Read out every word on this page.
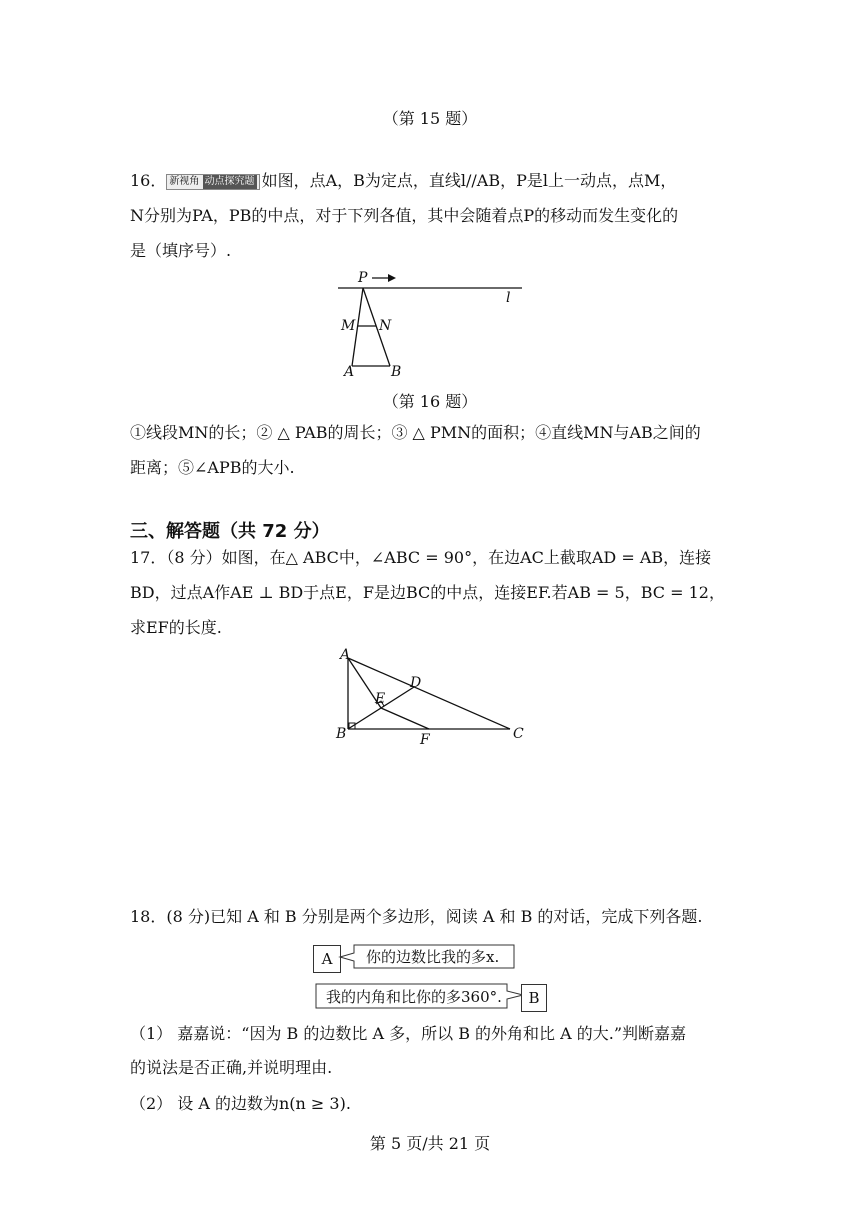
（第 15 题）
16． 新视角 动点探究题 如图，点A，B为定点，直线l//AB，P是l上一动点，点M，
N分别为PA，PB的中点，对于下列各值，其中会随着点P的移动而发生变化的
是（填序号）.
P
l
M N
A	B
（第 16 题）
①线段MN的长；② △ PAB的周长；③ △ PMN的面积；④直线MN与AB之间的
距离；⑤∠APB的大小.
三、解答题（共 72 分）
17．（8 分）如图，在△ ABC中，∠ABC = 90°，在边AC上截取AD = AB，连接
BD，过点A作AE ⊥ BD于点E，F是边BC的中点，连接EF.若AB = 5，BC = 12，
求EF的长度.
A
B	C
D
E
F
18．(8 分)已知 A 和 B 分别是两个多边形，阅读 A 和 B 的对话，完成下列各题.
A	你的边数比我的多x.
我的内角和比你的多360°.	B
（1） 嘉嘉说：“因为 B 的边数比 A 多，所以 B 的外角和比 A 的大.”判断嘉嘉
的说法是否正确,并说明理由.
（2） 设 A 的边数为n(n ≥ 3).
第 5 页/共 21 页
